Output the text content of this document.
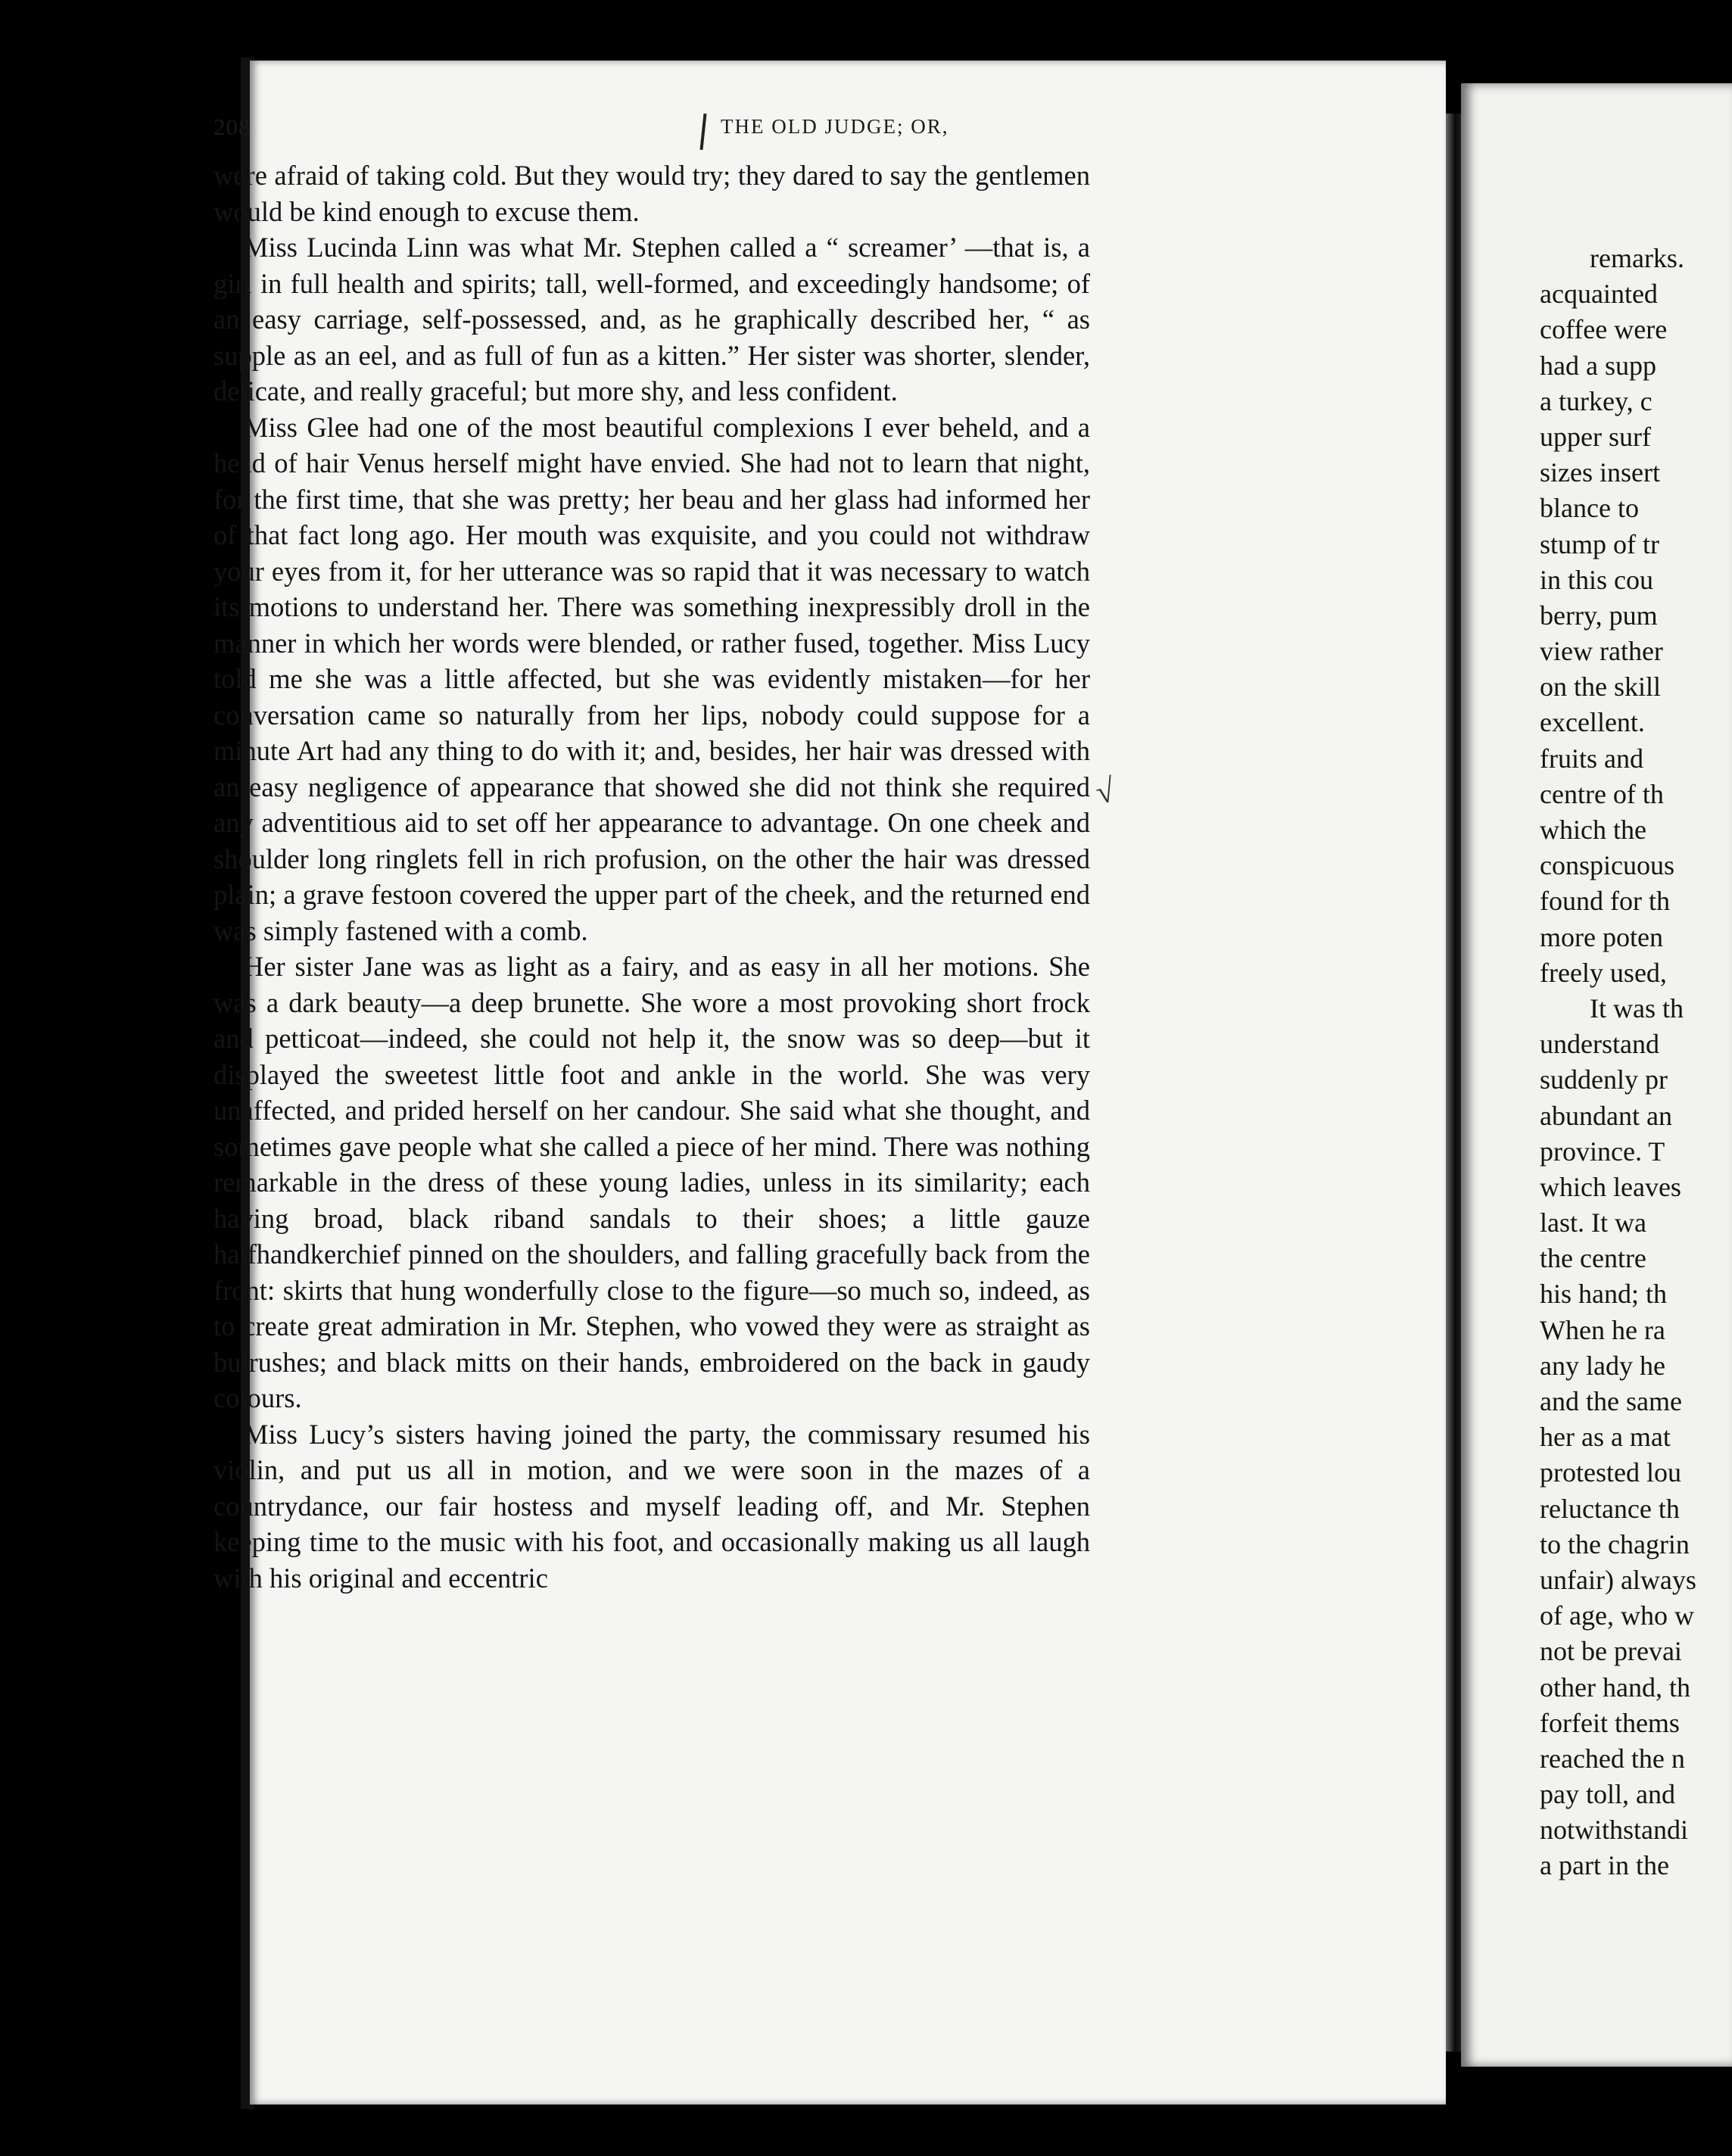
208	THE OLD JUDGE; OR,

were afraid of taking cold. But they would try; they dared to say the gentlemen would be kind enough to excuse them.

Miss Lucinda Linn was what Mr. Stephen called a “ screamer’ —that is, a girl in full health and spirits; tall, well-formed, and exceedingly handsome; of an easy carriage, self-possessed, and, as he graphically described her, “ as supple as an eel, and as full of fun as a kitten.” Her sister was shorter, slender, delicate, and really graceful; but more shy, and less confident.

Miss Glee had one of the most beautiful complexions I ever beheld, and a head of hair Venus herself might have envied. She had not to learn that night, for the first time, that she was pretty; her beau and her glass had informed her of that fact long ago. Her mouth was exquisite, and you could not withdraw your eyes from it, for her utterance was so rapid that it was necessary to watch its motions to understand her. There was something inexpressibly droll in the manner in which her words were blended, or rather fused, together. Miss Lucy told me she was a little affected, but she was evidently mistaken—for her conversation came so naturally from her lips, nobody could suppose for a minute Art had any thing to do with it; and, besides, her hair was dressed with an easy negligence of appearance that showed she did not think she required any adventitious aid to set off her appearance to advantage. On one cheek and shoulder long ringlets fell in rich profusion, on the other the hair was dressed plain; a grave festoon covered the upper part of the cheek, and the returned end was simply fastened with a comb.

Her sister Jane was as light as a fairy, and as easy in all her motions. She was a dark beauty—a deep brunette. She wore a most provoking short frock and petticoat—indeed, she could not help it, the snow was so deep—but it displayed the sweetest little foot and ankle in the world. She was very unaffected, and prided herself on her candour. She said what she thought, and sometimes gave people what she called a piece of her mind. There was nothing remarkable in the dress of these young ladies, unless in its similarity; each having broad, black riband sandals to their shoes; a little gauze halfhandkerchief pinned on the shoulders, and falling gracefully back from the front: skirts that hung wonderfully close to the figure—so much so, indeed, as to create great admiration in Mr. Stephen, who vowed they were as straight as bulrushes; and black mitts on their hands, embroidered on the back in gaudy colours.

Miss Lucy’s sisters having joined the party, the commissary resumed his violin, and put us all in motion, and we were soon in the mazes of a countrydance, our fair hostess and myself leading off, and Mr. Stephen keeping time to the music with his foot, and occasionally making us all laugh with his original and eccentric

√
remarks.
acquainted
coffee were
had a supp
a turkey, c
upper surf
sizes insert
blance to
stump of tr
in this cou
berry, pum
view rather
on the skill
excellent.
fruits and
centre of th
which the
conspicuous
found for th
more poten
freely used,
It was th
understand
suddenly pr
abundant an
province. T
which leaves
last. It wa
the centre
his hand; th
When he ra
any lady he
and the same
her as a mat
protested lou
reluctance th
to the chagrin
unfair) always
of age, who w
not be prevai
other hand, th
forfeit thems
reached the n
pay toll, and
notwithstandi
a part in the
